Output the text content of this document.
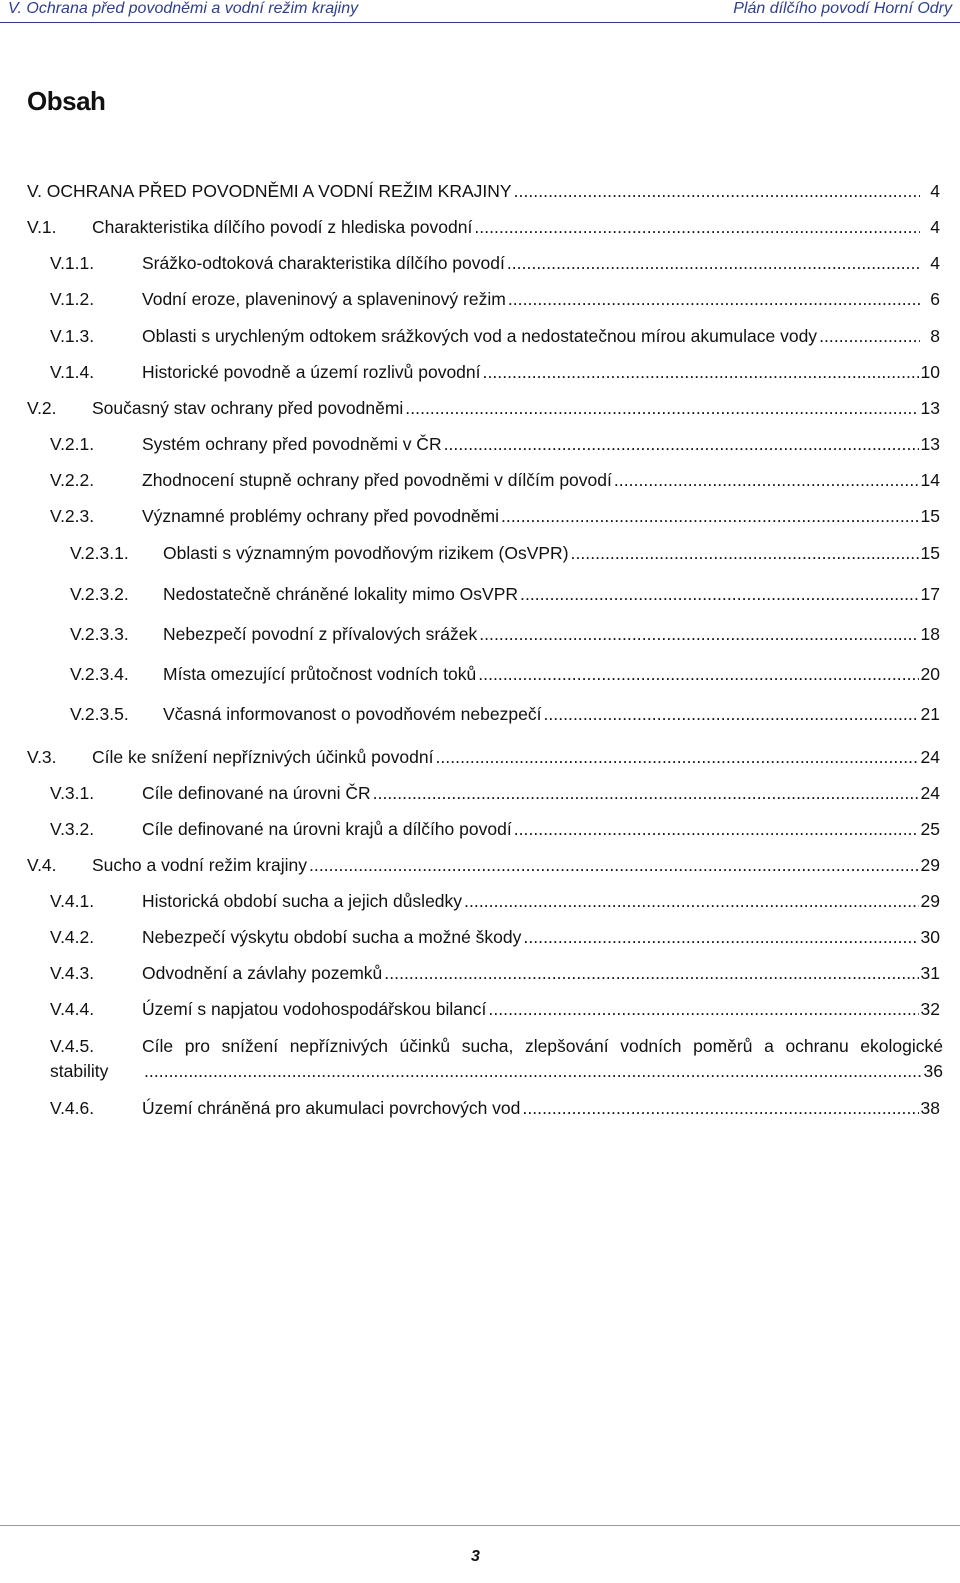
V. Ochrana před povodněmi a vodní režim krajiny	Plán dílčího povodí Horní Odry
Obsah
V. OCHRANA PŘED POVODNĚMI A VODNÍ REŽIM KRAJINY . . .	4
V.1.	Charakteristika dílčího povodí z hlediska povodní . . .	4
V.1.1.	Srážko-odtoková charakteristika dílčího povodí . . .	4
V.1.2.	Vodní eroze, plaveninový a splaveninový režim . . .	6
V.1.3.	Oblasti s urychleným odtokem srážkových vod a nedostatečnou mírou akumulace vody . . .	8
V.1.4.	Historické povodně a území rozlivů povodní . . .	10
V.2.	Současný stav ochrany před povodněmi . . .	13
V.2.1.	Systém ochrany před povodněmi v ČR . . .	13
V.2.2.	Zhodnocení stupně ochrany před povodněmi v dílčím povodí . . .	14
V.2.3.	Významné problémy ochrany před povodněmi . . .	15
V.2.3.1.	Oblasti s významným povodňovým rizikem (OsVPR) . . .	15
V.2.3.2.	Nedostatečně chráněné lokality mimo OsVPR . . .	17
V.2.3.3.	Nebezpečí povodní z přívalových srážek . . .	18
V.2.3.4.	Místa omezující průtočnost vodních toků . . .	20
V.2.3.5.	Včasná informovanost o povodňovém nebezpečí . . .	21
V.3.	Cíle ke snížení nepříznivých účinků povodní . . .	24
V.3.1.	Cíle definované na úrovni ČR . . .	24
V.3.2.	Cíle definované na úrovni krajů a dílčího povodí . . .	25
V.4.	Sucho a vodní režim krajiny . . .	29
V.4.1.	Historická období sucha a jejich důsledky . . .	29
V.4.2.	Nebezpečí výskytu období sucha a možné škody . . .	30
V.4.3.	Odvodnění a závlahy pozemků . . .	31
V.4.4.	Území s napjatou vodohospodářskou bilancí . . .	32
V.4.5.	Cíle pro snížení nepříznivých účinků sucha, zlepšování vodních poměrů a ochranu ekologické
stability . . .	36
V.4.6.	Území chráněná pro akumulaci povrchových vod . . .	38
3
